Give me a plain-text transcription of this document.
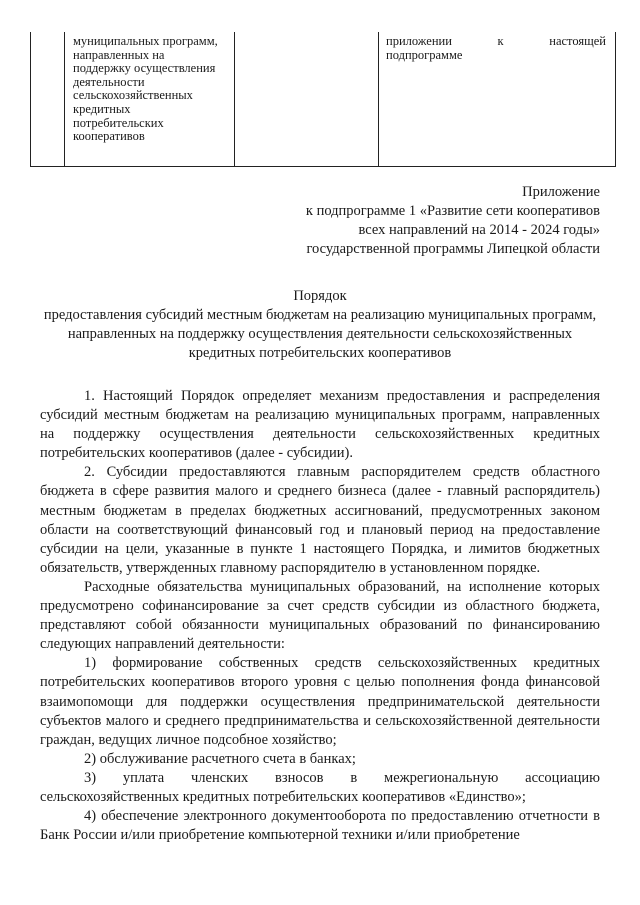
муниципальных программ, направленных на поддержку осуществления деятельности сельскохозяйственных кредитных потребительских кооперативов
приложении	к	настоящей
подпрограмме
Приложение
к подпрограмме 1 «Развитие сети кооперативов
всех направлений на 2014 - 2024 годы»
государственной программы Липецкой области
Порядок
предоставления субсидий местным бюджетам на реализацию муниципальных программ, направленных на поддержку осуществления деятельности сельскохозяйственных кредитных потребительских кооперативов

1. Настоящий Порядок определяет механизм предоставления и распределения субсидий местным бюджетам на реализацию муниципальных программ, направленных на поддержку осуществления деятельности сельскохозяйственных кредитных потребительских кооперативов (далее - субсидии).

2. Субсидии предоставляются главным распорядителем средств областного бюджета в сфере развития малого и среднего бизнеса (далее - главный распорядитель) местным бюджетам в пределах бюджетных ассигнований, предусмотренных законом области на соответствующий финансовый год и плановый период на предоставление субсидии на цели, указанные в пункте 1 настоящего Порядка, и лимитов бюджетных обязательств, утвержденных главному распорядителю в установленном порядке.

Расходные обязательства муниципальных образований, на исполнение которых предусмотрено софинансирование за счет средств субсидии из областного бюджета, представляют собой обязанности муниципальных образований по финансированию следующих направлений деятельности:

1) формирование собственных средств сельскохозяйственных кредитных потребительских кооперативов второго уровня с целью пополнения фонда финансовой взаимопомощи для поддержки осуществления предпринимательской деятельности субъектов малого и среднего предпринимательства и сельскохозяйственной деятельности граждан, ведущих личное подсобное хозяйство;

2) обслуживание расчетного счета в банках;

3) уплата членских взносов в межрегиональную ассоциацию сельскохозяйственных кредитных потребительских кооперативов «Единство»;

4) обеспечение электронного документооборота по предоставлению отчетности в Банк России и/или приобретение компьютерной техники и/или приобретение
